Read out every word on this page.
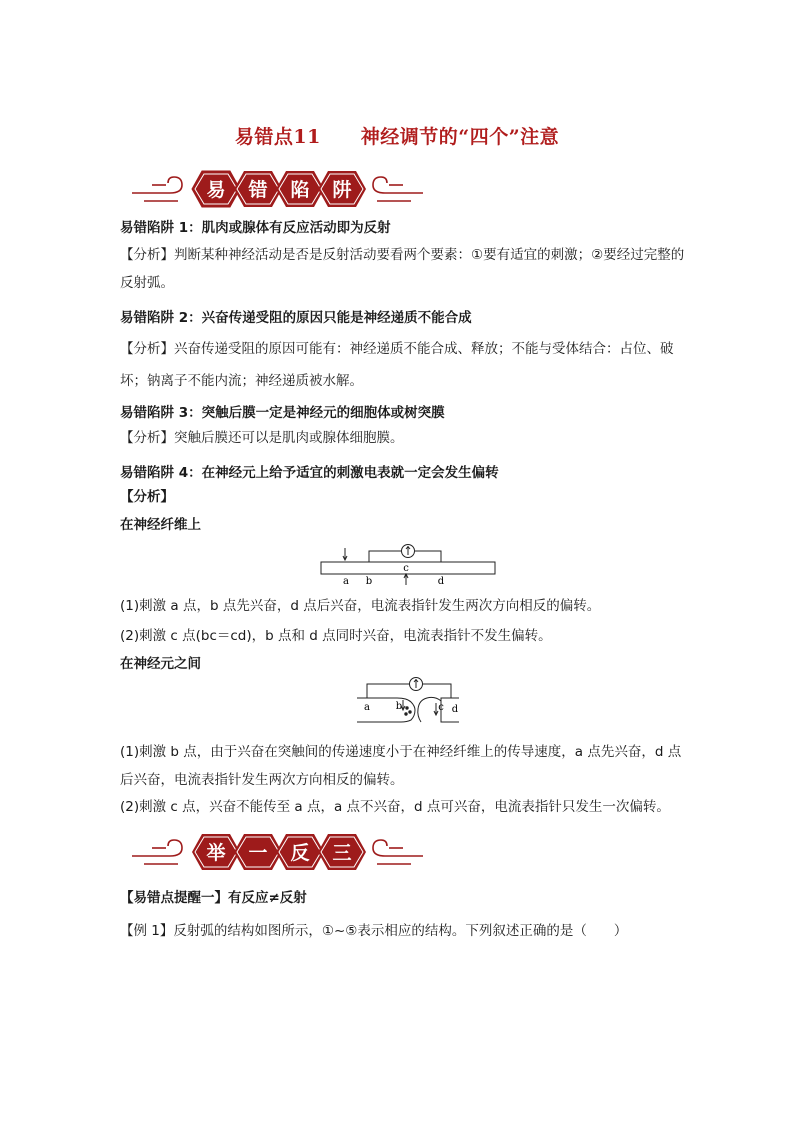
易错点11 神经调节的“四个”注意
易 错 陷 阱
易错陷阱 1：肌肉或腺体有反应活动即为反射
【分析】判断某种神经活动是否是反射活动要看两个要素：①要有适宜的刺激；②要经过完整的反射弧。
易错陷阱 2：兴奋传递受阻的原因只能是神经递质不能合成
【分析】兴奋传递受阻的原因可能有：神经递质不能合成、释放；不能与受体结合：占位、破坏；钠离子不能内流；神经递质被水解。
易错陷阱 3：突触后膜一定是神经元的细胞体或树突膜
【分析】突触后膜还可以是肌肉或腺体细胞膜。
易错陷阱 4：在神经元上给予适宜的刺激电表就一定会发生偏转
【分析】
在神经纤维上
a b
c
d
(1)刺激 a 点，b 点先兴奋，d 点后兴奋，电流表指针发生两次方向相反的偏转。
(2)刺激 c 点(bc＝cd)，b 点和 d 点同时兴奋，电流表指针不发生偏转。
在神经元之间
a	b	c d
(1)刺激 b 点，由于兴奋在突触间的传递速度小于在神经纤维上的传导速度，a 点先兴奋，d 点后兴奋，电流表指针发生两次方向相反的偏转。
(2)刺激 c 点，兴奋不能传至 a 点，a 点不兴奋，d 点可兴奋，电流表指针只发生一次偏转。
举 一 反 三
【易错点提醒一】有反应≠反射
【例 1】反射弧的结构如图所示，①~⑤表示相应的结构。下列叙述正确的是（　　）
